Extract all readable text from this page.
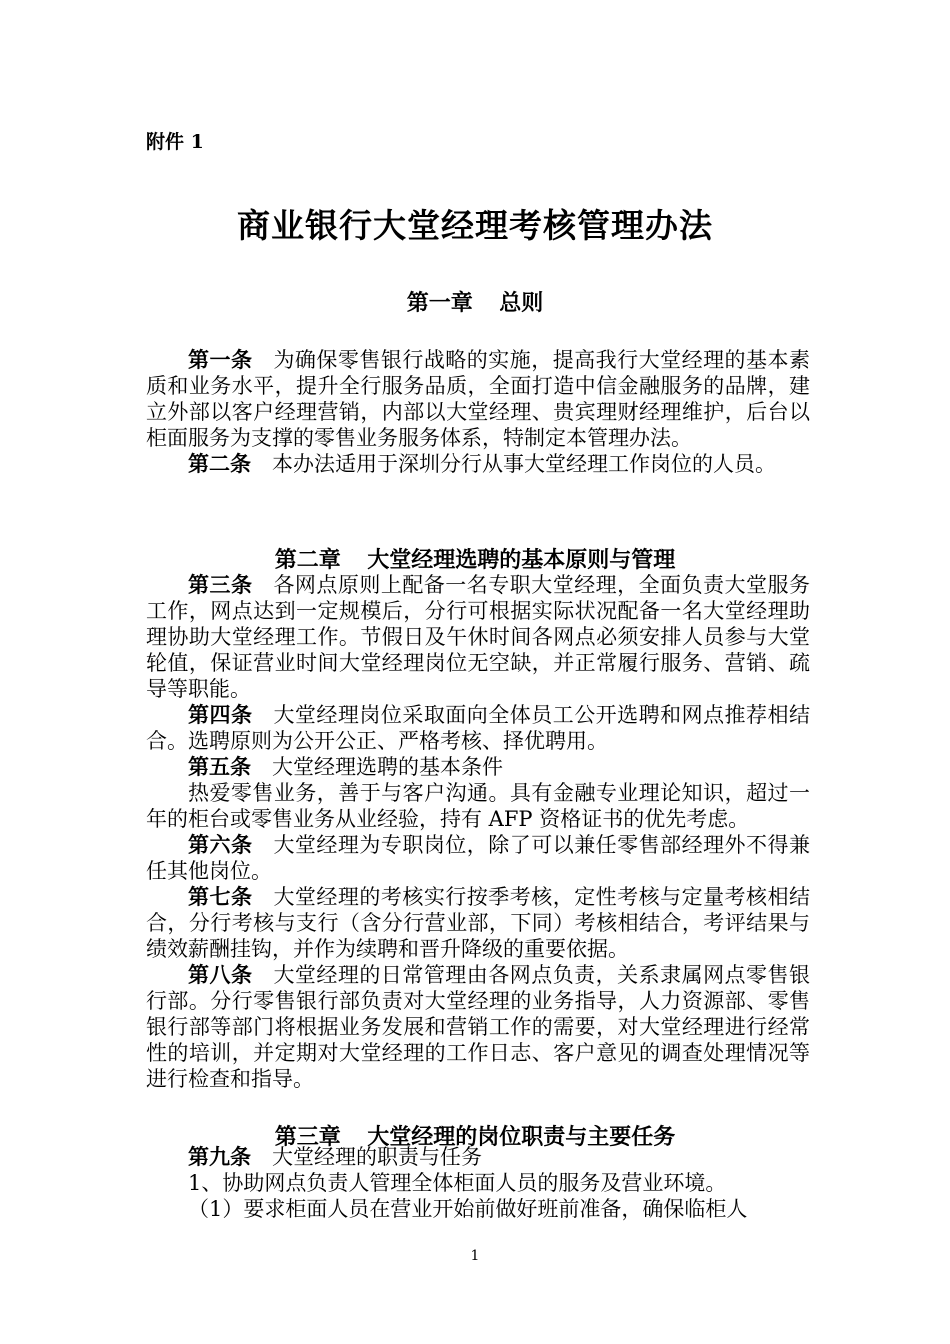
附件 1
商业银行大堂经理考核管理办法
第一章 总则

第一条 为确保零售银行战略的实施，提高我行大堂经理的基本素质和业务水平，提升全行服务品质，全面打造中信金融服务的品牌，建立外部以客户经理营销，内部以大堂经理、贵宾理财经理维护，后台以柜面服务为支撑的零售业务服务体系，特制定本管理办法。

第二条 本办法适用于深圳分行从事大堂经理工作岗位的人员。

第二章 大堂经理选聘的基本原则与管理

第三条 各网点原则上配备一名专职大堂经理，全面负责大堂服务工作，网点达到一定规模后，分行可根据实际状况配备一名大堂经理助理协助大堂经理工作。节假日及午休时间各网点必须安排人员参与大堂轮值，保证营业时间大堂经理岗位无空缺，并正常履行服务、营销、疏导等职能。

第四条 大堂经理岗位采取面向全体员工公开选聘和网点推荐相结合。选聘原则为公开公正、严格考核、择优聘用。

第五条 大堂经理选聘的基本条件

热爱零售业务，善于与客户沟通。具有金融专业理论知识，超过一年的柜台或零售业务从业经验，持有 AFP 资格证书的优先考虑。

第六条 大堂经理为专职岗位，除了可以兼任零售部经理外不得兼任其他岗位。

第七条 大堂经理的考核实行按季考核，定性考核与定量考核相结合，分行考核与支行（含分行营业部，下同）考核相结合，考评结果与绩效薪酬挂钩，并作为续聘和晋升降级的重要依据。

第八条 大堂经理的日常管理由各网点负责，关系隶属网点零售银行部。分行零售银行部负责对大堂经理的业务指导，人力资源部、零售银行部等部门将根据业务发展和营销工作的需要，对大堂经理进行经常性的培训，并定期对大堂经理的工作日志、客户意见的调查处理情况等进行检查和指导。

第三章 大堂经理的岗位职责与主要任务

第九条 大堂经理的职责与任务

1、协助网点负责人管理全体柜面人员的服务及营业环境。

（1）要求柜面人员在营业开始前做好班前准备，确保临柜人

1
